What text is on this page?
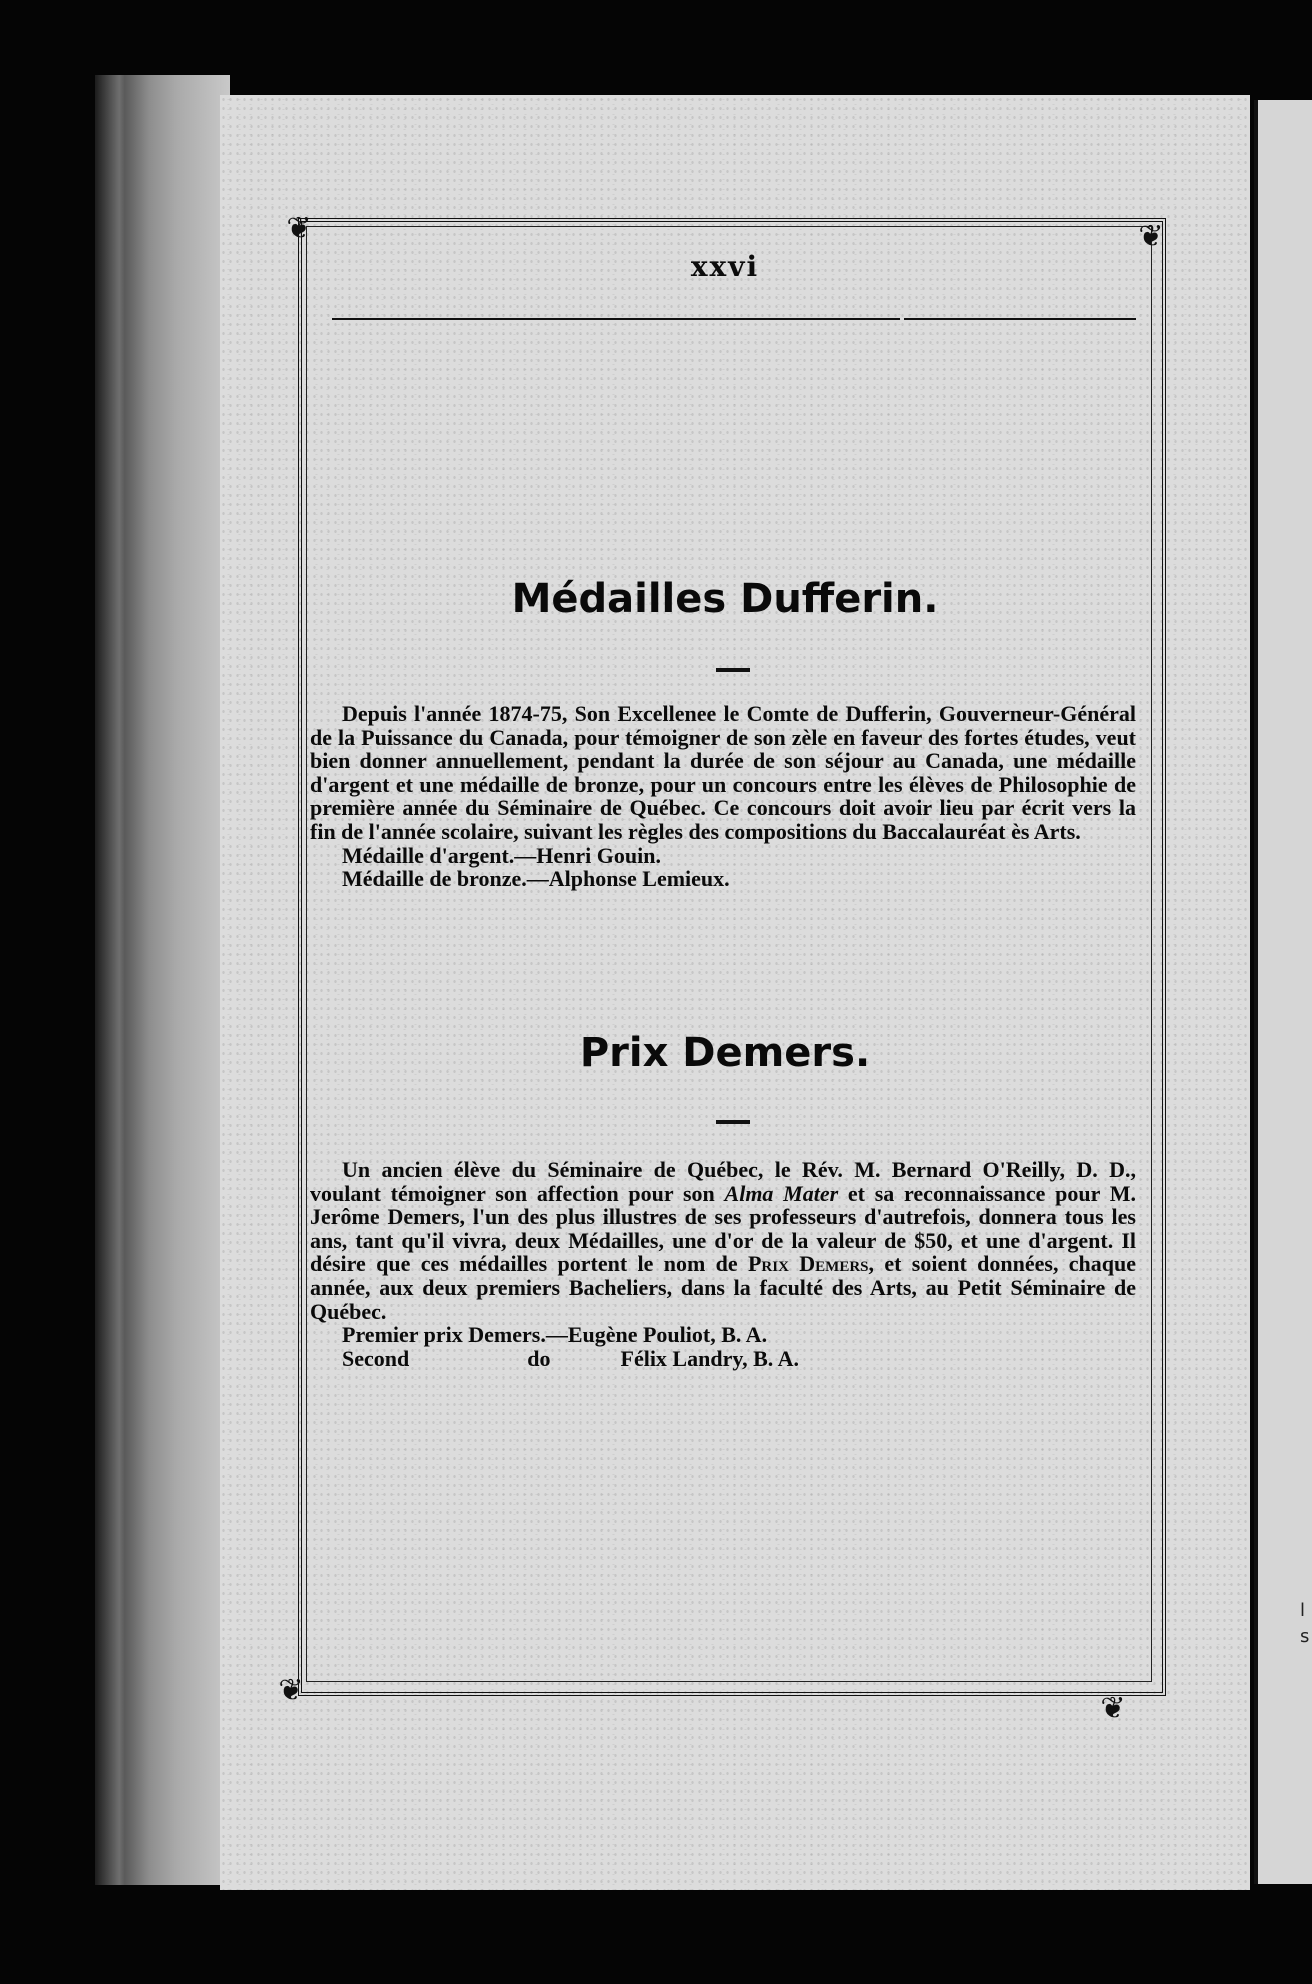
l
s
❦	❦
❦
❦
xxvi
Médailles Dufferin.

Depuis l'année 1874-75, Son Excellenee le Comte de Dufferin, Gouverneur-Général de la Puissance du Canada, pour témoigner de son zèle en faveur des fortes études, veut bien donner annuellement, pendant la durée de son séjour au Canada, une médaille d'argent et une médaille de bronze, pour un concours entre les élèves de Philosophie de première année du Séminaire de Québec. Ce concours doit avoir lieu par écrit vers la fin de l'année scolaire, suivant les règles des compositions du Baccalauréat ès Arts.

Médaille d'argent.—Henri Gouin.
Médaille de bronze.—Alphonse Lemieux.
Prix Demers.

Un ancien élève du Séminaire de Québec, le Rév. M. Bernard O'Reilly, D. D., voulant témoigner son affection pour son Alma Mater et sa reconnaissance pour M. Jerôme Demers, l'un des plus illustres de ses professeurs d'autrefois, donnera tous les ans, tant qu'il vivra, deux Médailles, une d'or de la valeur de $50, et une d'argent. Il désire que ces médailles portent le nom de Prix Demers, et soient données, chaque année, aux deux premiers Bacheliers, dans la faculté des Arts, au Petit Séminaire de Québec.

Premier prix Demers.—Eugène Pouliot, B. A.
Second	do	Félix Landry, B. A.
